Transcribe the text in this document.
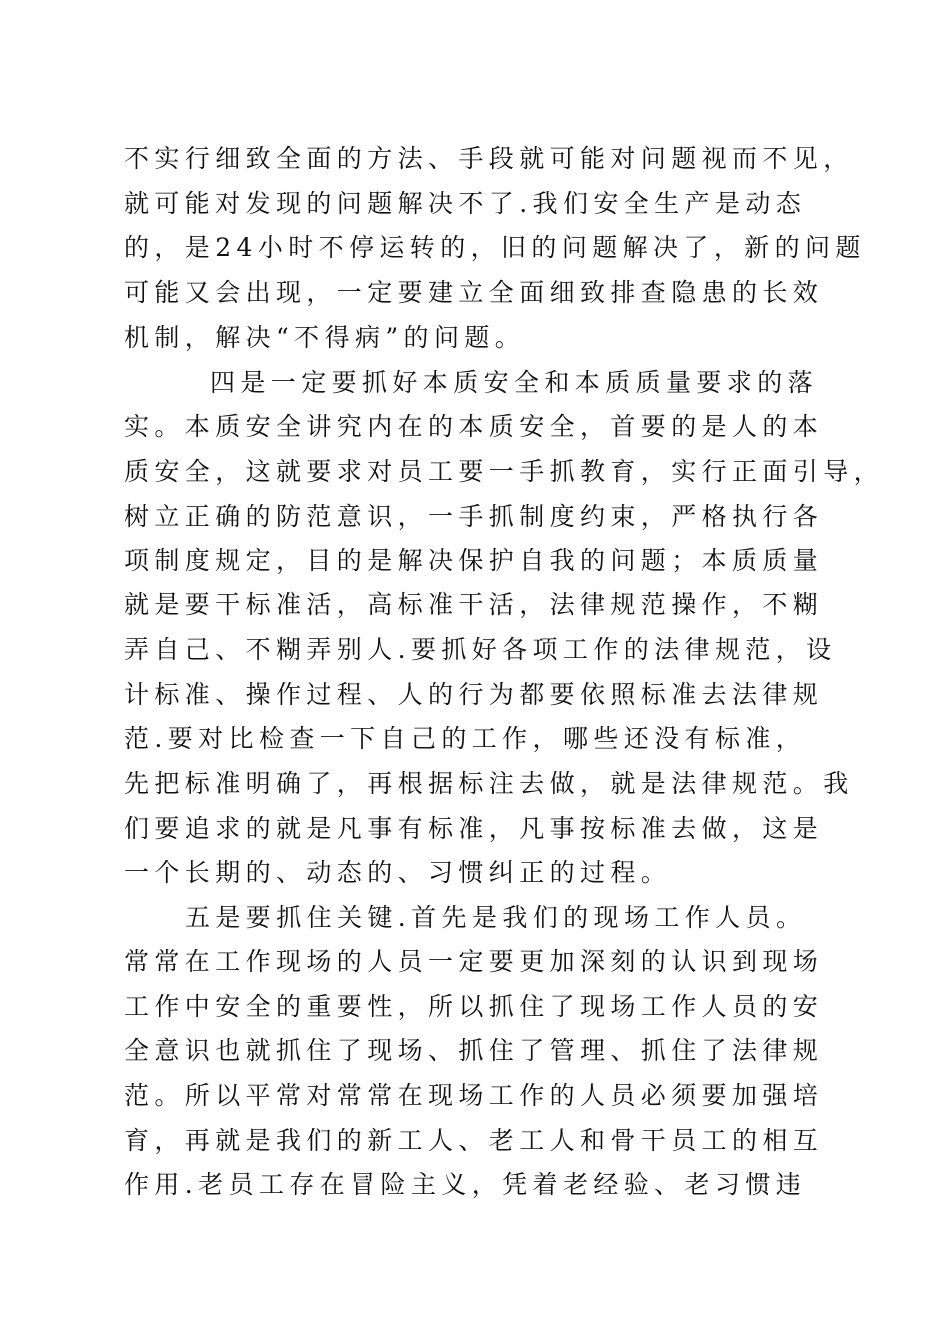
不实行细致全面的方法、手段就可能对问题视而不见，
就可能对发现的问题解决不了.我们安全生产是动态
的，是24小时不停运转的，旧的问题解决了，新的问题
可能又会出现，一定要建立全面细致排查隐患的长效
机制，解决“不得病”的问题。
四是一定要抓好本质安全和本质质量要求的落
实。本质安全讲究内在的本质安全，首要的是人的本
质安全，这就要求对员工要一手抓教育，实行正面引导，
树立正确的防范意识，一手抓制度约束，严格执行各
项制度规定，目的是解决保护自我的问题；本质质量
就是要干标准活，高标准干活，法律规范操作，不糊
弄自己、不糊弄别人.要抓好各项工作的法律规范，设
计标准、操作过程、人的行为都要依照标准去法律规
范.要对比检查一下自己的工作，哪些还没有标准，
先把标准明确了，再根据标注去做，就是法律规范。我
们要追求的就是凡事有标准，凡事按标准去做，这是
一个长期的、动态的、习惯纠正的过程。
五是要抓住关键.首先是我们的现场工作人员。
常常在工作现场的人员一定要更加深刻的认识到现场
工作中安全的重要性，所以抓住了现场工作人员的安
全意识也就抓住了现场、抓住了管理、抓住了法律规
范。所以平常对常常在现场工作的人员必须要加强培
育，再就是我们的新工人、老工人和骨干员工的相互
作用.老员工存在冒险主义，凭着老经验、老习惯违
